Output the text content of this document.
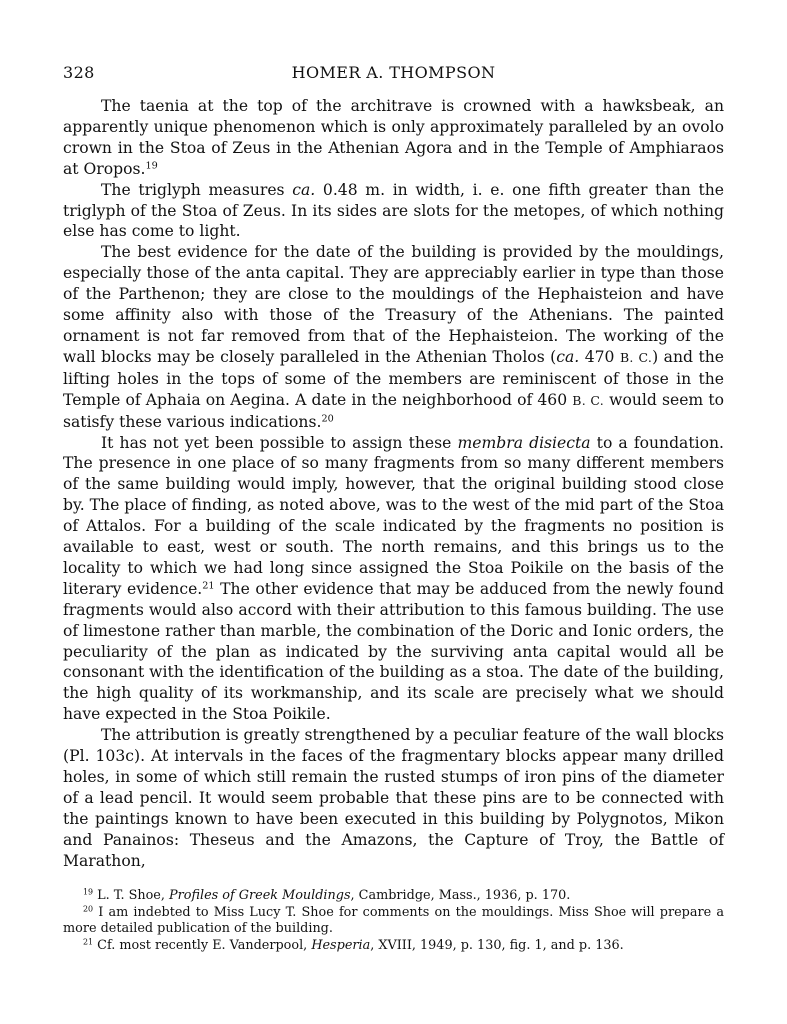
328	HOMER A. THOMPSON

The taenia at the top of the architrave is crowned with a hawksbeak, an apparently unique phenomenon which is only approximately paralleled by an ovolo crown in the Stoa of Zeus in the Athenian Agora and in the Temple of Amphiaraos at Oropos.$^{19}$

The triglyph measures ca. 0.48 m. in width, i. e. one fifth greater than the triglyph of the Stoa of Zeus. In its sides are slots for the metopes, of which nothing else has come to light.

The best evidence for the date of the building is provided by the mouldings, especially those of the anta capital. They are appreciably earlier in type than those of the Parthenon; they are close to the mouldings of the Hephaisteion and have some affinity also with those of the Treasury of the Athenians. The painted ornament is not far removed from that of the Hephaisteion. The working of the wall blocks may be closely paralleled in the Athenian Tholos (ca. 470 B. C.) and the lifting holes in the tops of some of the members are reminiscent of those in the Temple of Aphaia on Aegina. A date in the neighborhood of 460 B. C. would seem to satisfy these various indications.$^{20}$

It has not yet been possible to assign these membra disiecta to a foundation. The presence in one place of so many fragments from so many different members of the same building would imply, however, that the original building stood close by. The place of finding, as noted above, was to the west of the mid part of the Stoa of Attalos. For a building of the scale indicated by the fragments no position is available to east, west or south. The north remains, and this brings us to the locality to which we had long since assigned the Stoa Poikile on the basis of the literary evidence.$^{21}$ The other evidence that may be adduced from the newly found fragments would also accord with their attribution to this famous building. The use of limestone rather than marble, the combination of the Doric and Ionic orders, the peculiarity of the plan as indicated by the surviving anta capital would all be consonant with the identification of the building as a stoa. The date of the building, the high quality of its workmanship, and its scale are precisely what we should have expected in the Stoa Poikile.

The attribution is greatly strengthened by a peculiar feature of the wall blocks (Pl. 103c). At intervals in the faces of the fragmentary blocks appear many drilled holes, in some of which still remain the rusted stumps of iron pins of the diameter of a lead pencil. It would seem probable that these pins are to be connected with the paintings known to have been executed in this building by Polygnotos, Mikon and Panainos: Theseus and the Amazons, the Capture of Troy, the Battle of Marathon,

$^{19}$ L. T. Shoe, Profiles of Greek Mouldings, Cambridge, Mass., 1936, p. 170.

$^{20}$ I am indebted to Miss Lucy T. Shoe for comments on the mouldings. Miss Shoe will prepare a more detailed publication of the building.

$^{21}$ Cf. most recently E. Vanderpool, Hesperia, XVIII, 1949, p. 130, fig. 1, and p. 136.
